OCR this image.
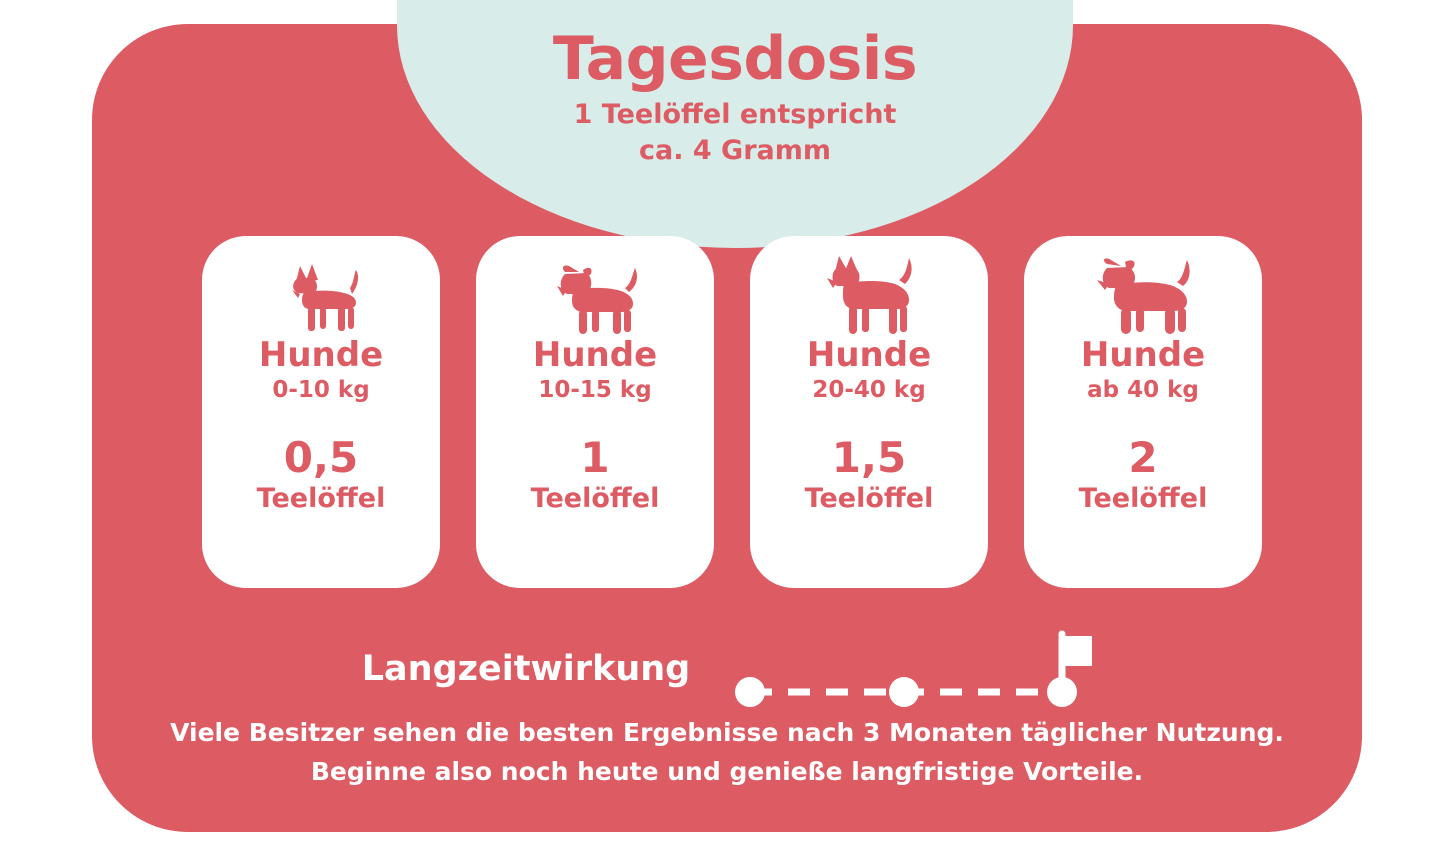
Tagesdosis
1 Teelöffel entspricht
ca. 4 Gramm
Hunde
0-10 kg
0,5
Teelöffel
Hunde
10-15 kg
1
Teelöffel
Hunde
20-40 kg
1,5
Teelöffel
Hunde
ab 40 kg
2
Teelöffel
Langzeitwirkung
Viele Besitzer sehen die besten Ergebnisse nach 3 Monaten täglicher Nutzung.
Beginne also noch heute und genieße langfristige Vorteile.
